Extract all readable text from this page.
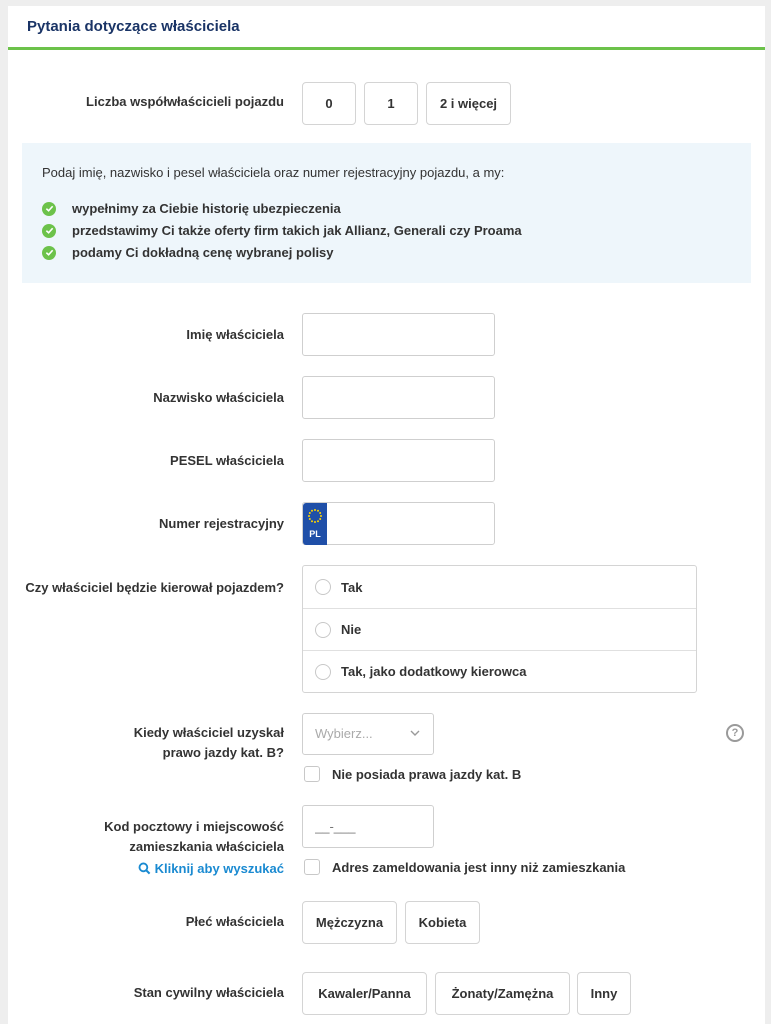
Pytania dotyczące właściciela
Liczba współwłaścicieli pojazdu	0	1	2 i więcej
Podaj imię, nazwisko i pesel właściciela oraz numer rejestracyjny pojazdu, a my:
wypełnimy za Ciebie historię ubezpieczenia
przedstawimy Ci także oferty firm takich jak Allianz, Generali czy Proama
podamy Ci dokładną cenę wybranej polisy
Imię właściciela
Nazwisko właściciela
PESEL właściciela
Numer rejestracyjny
PL
Czy właściciel będzie kierował pojazdem?	Tak
Nie
Tak, jako dodatkowy kierowca
Kiedy właściciel uzyskał
prawo jazdy kat. B?
Wybierz...	?
Nie posiada prawa jazdy kat. B
Kod pocztowy i miejscowość
zamieszkania właściciela
__-___
Kliknij aby wyszukać	Adres zameldowania jest inny niż zamieszkania
Płeć właściciela	Mężczyzna	Kobieta
Stan cywilny właściciela	Kawaler/Panna	Żonaty/Zamężna	Inny
